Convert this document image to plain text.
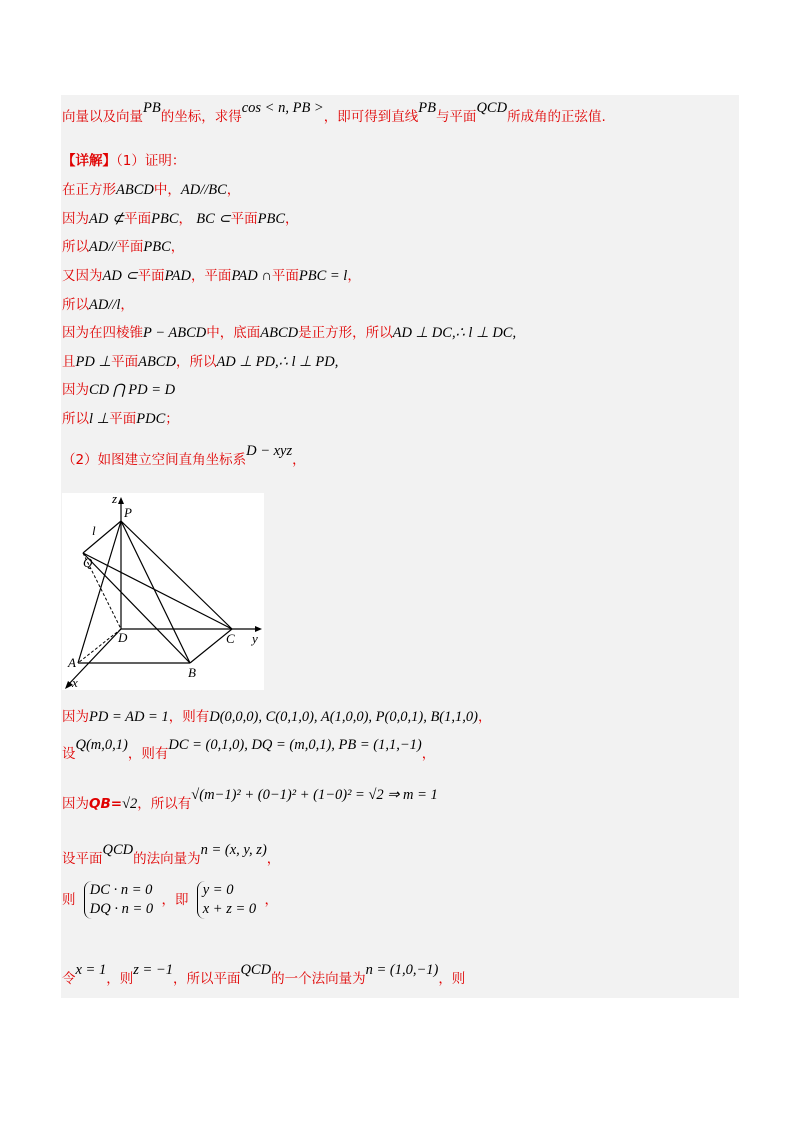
向量以及向量PB的坐标，求得cos < n, PB >，即可得到直线PB与平面QCD所成角的正弦值.
【详解】（1）证明：
在正方形ABCD中，AD//BC，
因为AD ⊄平面PBC， BC ⊂平面PBC，
所以AD//平面PBC，
又因为AD ⊂平面PAD，平面PAD ∩平面PBC = l，
所以AD//l，
因为在四棱锥P − ABCD中，底面ABCD是正方形，所以AD ⊥ DC,∴ l ⊥ DC,
且PD ⊥平面ABCD，所以AD ⊥ PD,∴ l ⊥ PD,
因为CD ⋂ PD = D
所以l ⊥平面PDC；
（2）如图建立空间直角坐标系D − xyz，
z
y
x
P
l
Q
D	C
A
B
因为PD = AD = 1，则有D(0,0,0), C(0,1,0), A(1,0,0), P(0,0,1), B(1,1,0)，
设Q(m,0,1)，则有DC = (0,1,0), DQ = (m,0,1), PB = (1,1,−1)，
因为QB=√2，所以有√(m−1)² + (0−1)² + (1−0)² = √2 ⇒ m = 1
设平面QCD的法向量为n = (x, y, z)，
则
DC · n = 0
DQ · n = 0
，即
y = 0
x + z = 0
，
令x = 1，则z = −1，所以平面QCD的一个法向量为n = (1,0,−1)，则
